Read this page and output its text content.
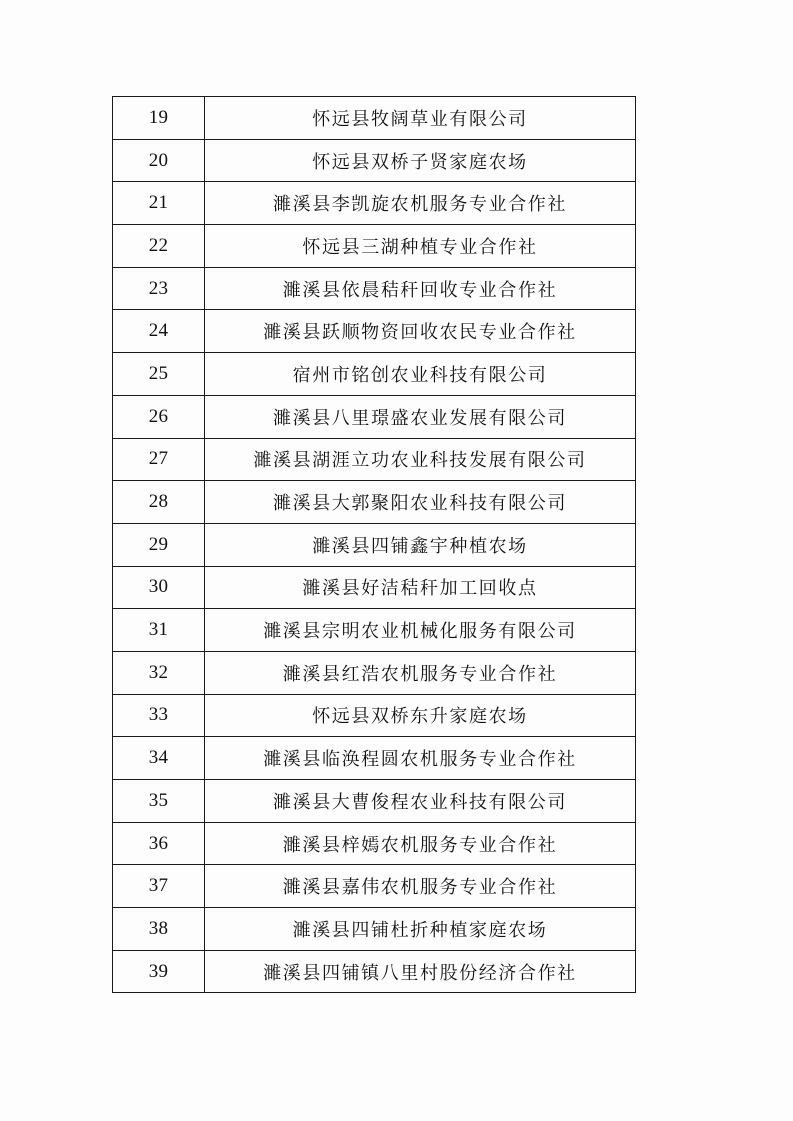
19	怀远县牧阔草业有限公司
20	怀远县双桥子贤家庭农场
21	濉溪县李凯旋农机服务专业合作社
22	怀远县三湖种植专业合作社
23	濉溪县依晨秸秆回收专业合作社
24	濉溪县跃顺物资回收农民专业合作社
25	宿州市铭创农业科技有限公司
26	濉溪县八里璟盛农业发展有限公司
27	濉溪县湖涯立功农业科技发展有限公司
28	濉溪县大郭聚阳农业科技有限公司
29	濉溪县四铺鑫宇种植农场
30	濉溪县好洁秸秆加工回收点
31	濉溪县宗明农业机械化服务有限公司
32	濉溪县红浩农机服务专业合作社
33	怀远县双桥东升家庭农场
34	濉溪县临涣程圆农机服务专业合作社
35	濉溪县大曹俊程农业科技有限公司
36	濉溪县梓嫣农机服务专业合作社
37	濉溪县嘉伟农机服务专业合作社
38	濉溪县四铺杜折种植家庭农场
39	濉溪县四铺镇八里村股份经济合作社
